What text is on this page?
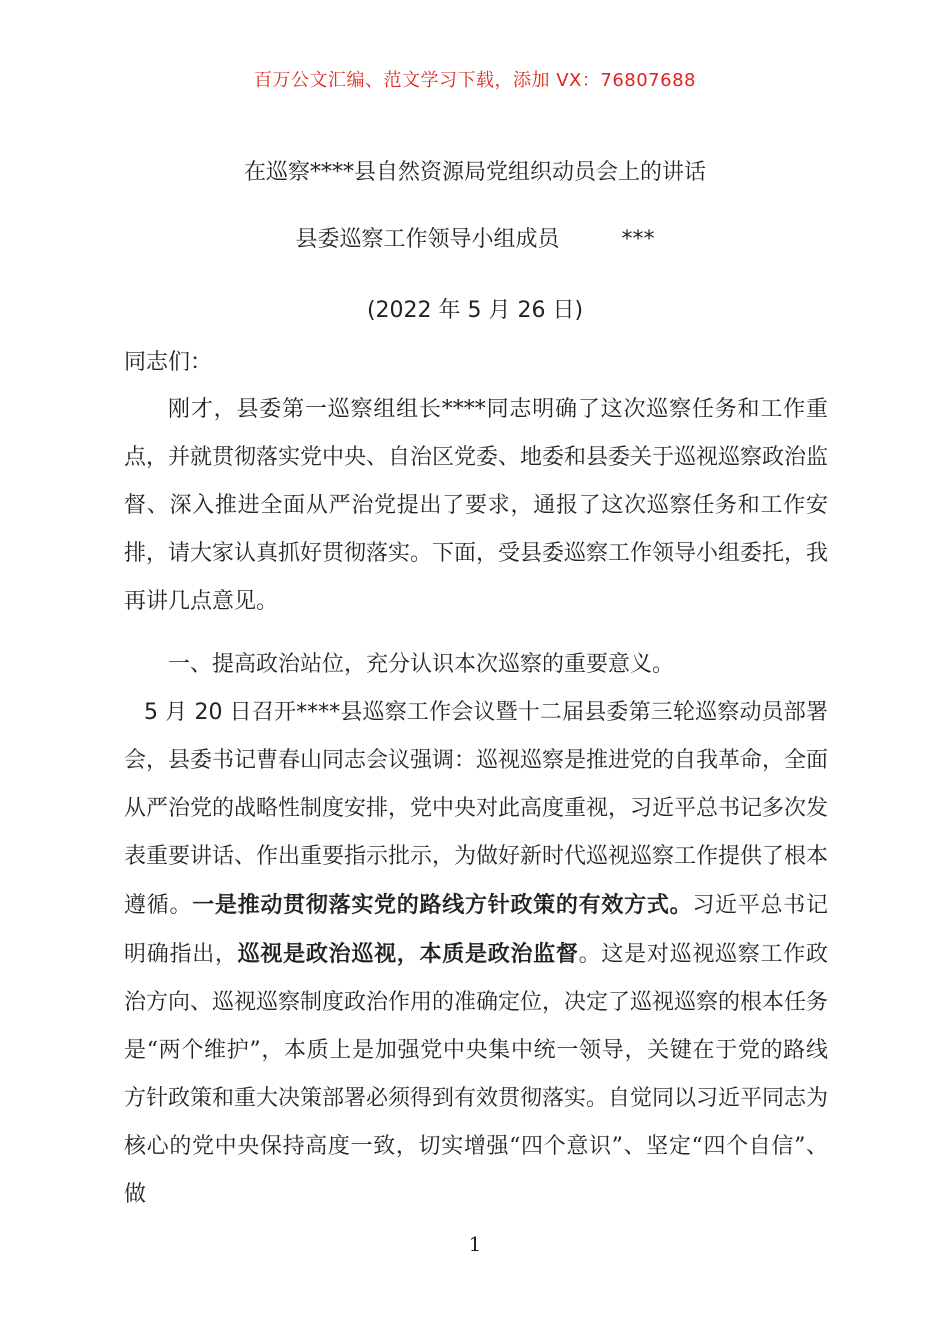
百万公文汇编、范文学习下载，添加 VX：76807688
在巡察****县自然资源局党组织动员会上的讲话
县委巡察工作领导小组成员	***
(2022 年 5 月 26 日)
同志们：
刚才，县委第一巡察组组长****同志明确了这次巡察任务和工作重点，并就贯彻落实党中央、自治区党委、地委和县委关于巡视巡察政治监督、深入推进全面从严治党提出了要求，通报了这次巡察任务和工作安排，请大家认真抓好贯彻落实。下面，受县委巡察工作领导小组委托，我再讲几点意见。
一、提高政治站位，充分认识本次巡察的重要意义。
5 月 20 日召开****县巡察工作会议暨十二届县委第三轮巡察动员部署会，县委书记曹春山同志会议强调：巡视巡察是推进党的自我革命，全面从严治党的战略性制度安排，党中央对此高度重视，习近平总书记多次发表重要讲话、作出重要指示批示，为做好新时代巡视巡察工作提供了根本遵循。一是推动贯彻落实党的路线方针政策的有效方式。习近平总书记明确指出，巡视是政治巡视，本质是政治监督。这是对巡视巡察工作政治方向、巡视巡察制度政治作用的准确定位，决定了巡视巡察的根本任务是“两个维护”，本质上是加强党中央集中统一领导，关键在于党的路线方针政策和重大决策部署必须得到有效贯彻落实。自觉同以习近平同志为核心的党中央保持高度一致，切实增强“四个意识”、坚定“四个自信”、做
1
